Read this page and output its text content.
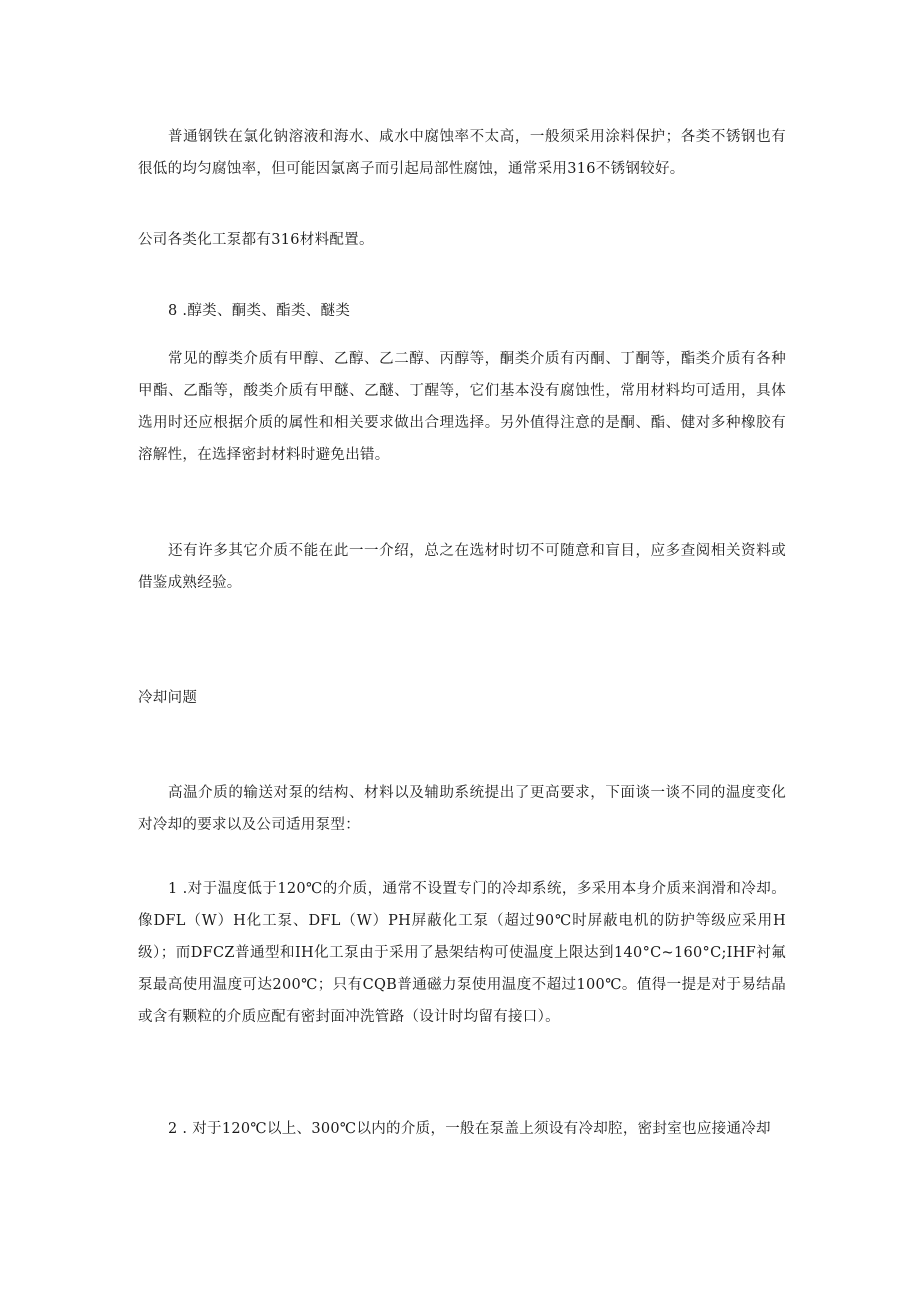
普通钢铁在氯化钠溶液和海水、咸水中腐蚀率不太高，一般须采用涂料保护；各类不锈钢也有很低的均匀腐蚀率，但可能因氯离子而引起局部性腐蚀，通常采用316不锈钢较好。

公司各类化工泵都有316材料配置。

8 .醇类、酮类、酯类、醚类

常见的醇类介质有甲醇、乙醇、乙二醇、丙醇等，酮类介质有丙酮、丁酮等，酯类介质有各种甲酯、乙酯等，酸类介质有甲醚、乙醚、丁醒等，它们基本没有腐蚀性，常用材料均可适用，具体选用时还应根据介质的属性和相关要求做出合理选择。另外值得注意的是酮、酯、健对多种橡胶有溶解性，在选择密封材料时避免出错。

还有许多其它介质不能在此一一介绍，总之在选材时切不可随意和盲目，应多查阅相关资料或借鉴成熟经验。

冷却问题

高温介质的输送对泵的结构、材料以及辅助系统提出了更高要求，下面谈一谈不同的温度变化对冷却的要求以及公司适用泵型：

1 .对于温度低于120℃的介质，通常不设置专门的冷却系统，多采用本身介质来润滑和冷却。像DFL（W）H化工泵、DFL（W）PH屏蔽化工泵（超过90℃时屏蔽电机的防护等级应采用H级）；而DFCZ普通型和IH化工泵由于采用了悬架结构可使温度上限达到140°C~160°C;IHF衬氟泵最高使用温度可达200℃；只有CQB普通磁力泵使用温度不超过100℃。值得一提是对于易结晶或含有颗粒的介质应配有密封面冲洗管路（设计时均留有接口）。

2 . 对于120℃以上、300℃以内的介质，一般在泵盖上须设有冷却腔，密封室也应接通冷却
